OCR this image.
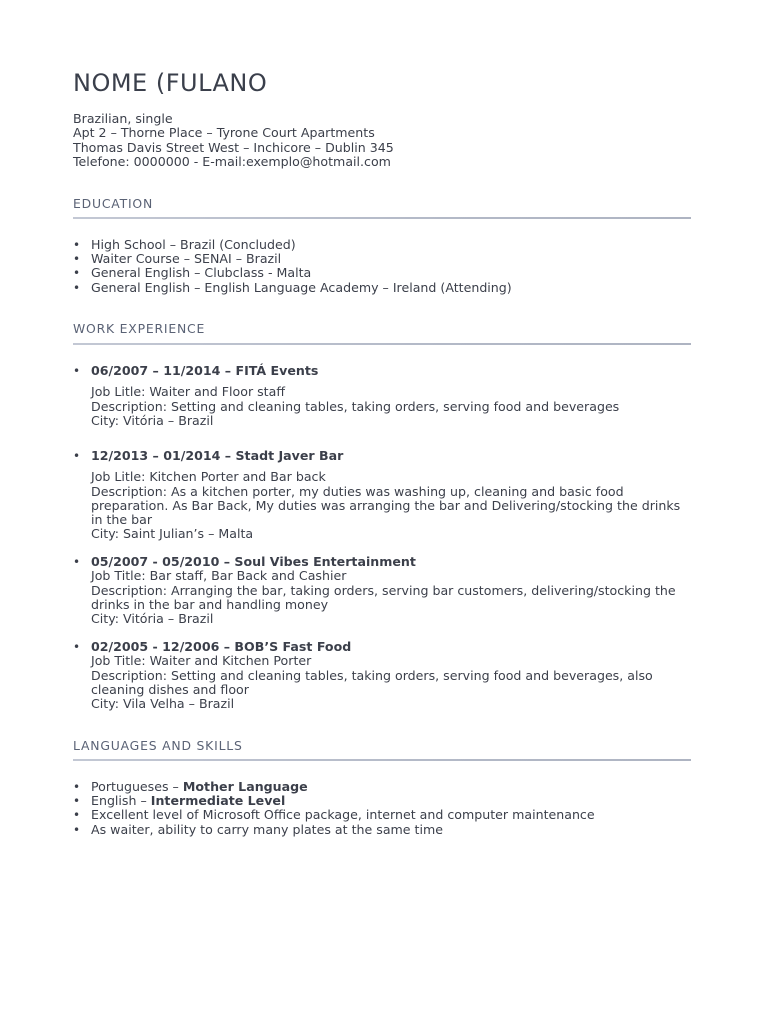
NOME (FULANO
Brazilian, single
Apt 2 – Thorne Place – Tyrone Court Apartments
Thomas Davis Street West – Inchicore – Dublin 345
Telefone: 0000000 - E-mail:exemplo@hotmail.com
EDUCATION
• High School – Brazil (Concluded)
• Waiter Course – SENAI – Brazil
• General English – Clubclass - Malta
• General English – English Language Academy – Ireland (Attending)
WORK EXPERIENCE
• 06/2007 – 11/2014 – FITÁ Events
Job Litle: Waiter and Floor staff
Description: Setting and cleaning tables, taking orders, serving food and beverages
City: Vitória – Brazil
• 12/2013 – 01/2014 – Stadt Javer Bar
Job Litle: Kitchen Porter and Bar back
Description: As a kitchen porter, my duties was washing up, cleaning and basic food preparation. As Bar Back, My duties was arranging the bar and Delivering/stocking the drinks in the bar
City: Saint Julian’s – Malta
• 05/2007 - 05/2010 – Soul Vibes Entertainment
Job Title: Bar staff, Bar Back and Cashier
Description: Arranging the bar, taking orders, serving bar customers, delivering/stocking the drinks in the bar and handling money
City: Vitória – Brazil
• 02/2005 - 12/2006 – BOB’S Fast Food
Job Title: Waiter and Kitchen Porter
Description: Setting and cleaning tables, taking orders, serving food and beverages, also cleaning dishes and floor
City: Vila Velha – Brazil
LANGUAGES AND SKILLS
• Portugueses – Mother Language
• English – Intermediate Level
• Excellent level of Microsoft Office package, internet and computer maintenance
• As waiter, ability to carry many plates at the same time
